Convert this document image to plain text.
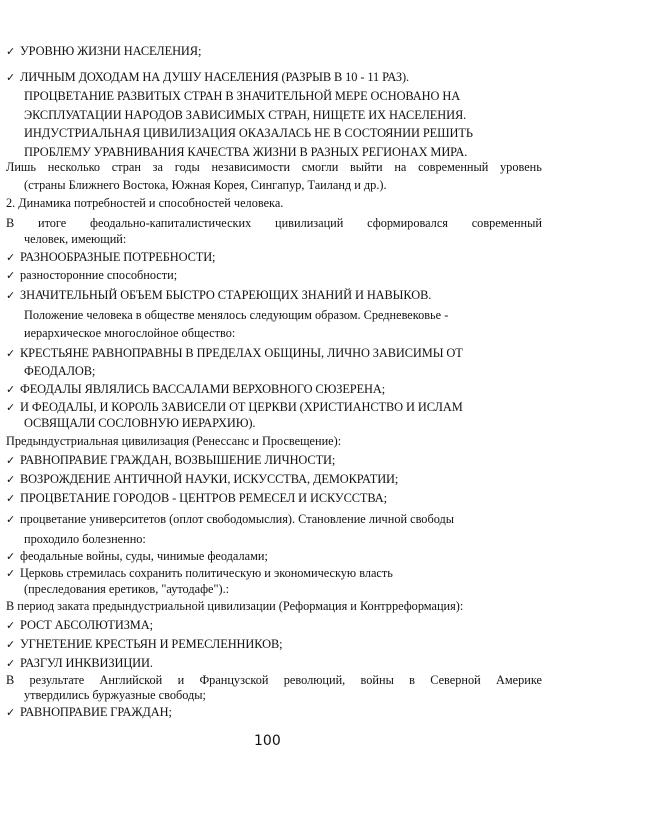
✓ УРОВНЮ ЖИЗНИ НАСЕЛЕНИЯ;
✓ ЛИЧНЫМ ДОХОДАМ НА ДУШУ НАСЕЛЕНИЯ (РАЗРЫВ В 10 - 11 РАЗ).
ПРОЦВЕТАНИЕ РАЗВИТЫХ СТРАН В ЗНАЧИТЕЛЬНОЙ МЕРЕ ОСНОВАНО НА
ЭКСПЛУАТАЦИИ НАРОДОВ ЗАВИСИМЫХ СТРАН, НИЩЕТЕ ИХ НАСЕЛЕНИЯ.
ИНДУСТРИАЛЬНАЯ ЦИВИЛИЗАЦИЯ ОКАЗАЛАСЬ НЕ В СОСТОЯНИИ РЕШИТЬ
ПРОБЛЕМУ УРАВНИВАНИЯ КАЧЕСТВА ЖИЗНИ В РАЗНЫХ РЕГИОНАХ МИРА.
Лишь несколько стран за годы независимости смогли выйти на современный уровень
(страны Ближнего Востока, Южная Корея, Сингапур, Таиланд и др.).
2. Динамика потребностей и способностей человека.
В итоге феодально-капиталистических цивилизаций сформировался современный
человек, имеющий:
✓ РАЗНООБРАЗНЫЕ ПОТРЕБНОСТИ;
✓ разносторонние способности;
✓ ЗНАЧИТЕЛЬНЫЙ ОБЪЕМ БЫСТРО СТАРЕЮЩИХ ЗНАНИЙ И НАВЫКОВ.
Положение человека в обществе менялось следующим образом. Средневековье -
иерархическое многослойное общество:
✓ КРЕСТЬЯНЕ РАВНОПРАВНЫ В ПРЕДЕЛАХ ОБЩИНЫ, ЛИЧНО ЗАВИСИМЫ ОТ
ФЕОДАЛОВ;
✓ ФЕОДАЛЫ ЯВЛЯЛИСЬ ВАССАЛАМИ ВЕРХОВНОГО СЮЗЕРЕНА;
✓ И ФЕОДАЛЫ, И КОРОЛЬ ЗАВИСЕЛИ ОТ ЦЕРКВИ (ХРИСТИАНСТВО И ИСЛАМ
ОСВЯЩАЛИ СОСЛОВНУЮ ИЕРАРХИЮ).
Предындустриальная цивилизация (Ренессанс и Просвещение):
✓ РАВНОПРАВИЕ ГРАЖДАН, ВОЗВЫШЕНИЕ ЛИЧНОСТИ;
✓ ВОЗРОЖДЕНИЕ АНТИЧНОЙ НАУКИ, ИСКУССТВА, ДЕМОКРАТИИ;
✓ ПРОЦВЕТАНИЕ ГОРОДОВ - ЦЕНТРОВ РЕМЕСЕЛ И ИСКУССТВА;
✓ процветание университетов (оплот свободомыслия). Становление личной свободы
проходило болезненно:
✓ феодальные войны, суды, чинимые феодалами;
✓ Церковь стремилась сохранить политическую и экономическую власть
(преследования еретиков, "аутодафе").:
В период заката предындустриальной цивилизации (Реформация и Контрреформация):
✓ РОСТ АБСОЛЮТИЗМА;
✓ УГНЕТЕНИЕ КРЕСТЬЯН И РЕМЕСЛЕННИКОВ;
✓ РАЗГУЛ ИНКВИЗИЦИИ.
В результате Английской и Французской революций, войны в Северной Америке
утвердились буржуазные свободы;
✓ РАВНОПРАВИЕ ГРАЖДАН;
100
